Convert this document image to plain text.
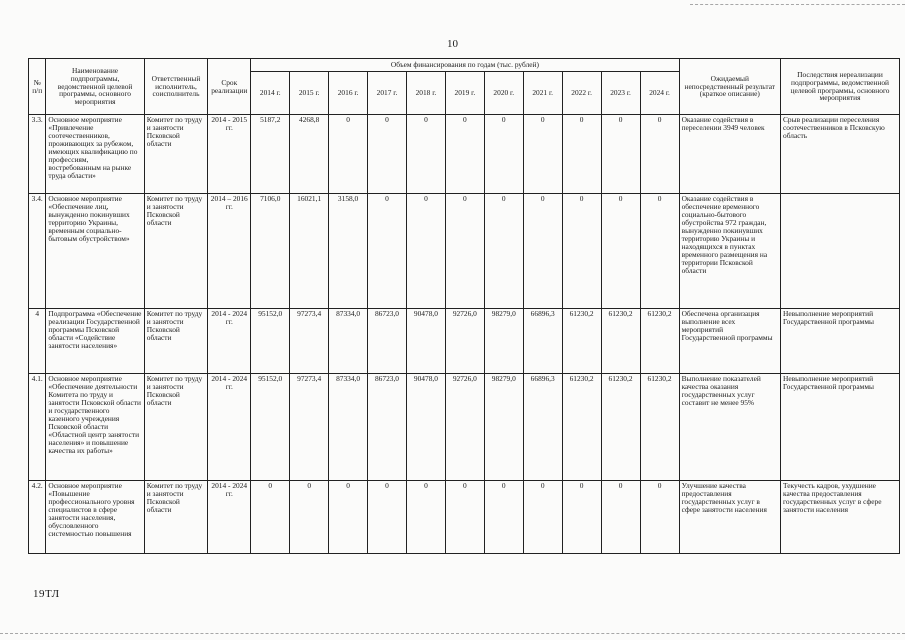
10
№ п/п	Наименование подпрограммы, ведомственной целевой программы, основного мероприятия	Ответственный исполнитель, соисполнитель	Срок реализации	Объем финансирования по годам (тыс. рублей)											Ожидаемый непосредственный результат (краткое описание)	Последствия нереализации подпрограммы, ведомственной целевой программы, основного мероприятия
				2014 г.	2015 г.	2016 г.	2017 г.	2018 г.	2019 г.	2020 г.	2021 г.	2022 г.	2023 г.	2024 г.		
3.3.	Основное мероприятие «Привлечение соотечественников, проживающих за рубежом, имеющих квалификацию по профессиям, востребованным на рынке труда области»	Комитет по труду и занятости Псковской области	2014 - 2015 гг.	5187,2	4268,8	0	0	0	0	0	0	0	0	0	Оказание содействия в переселении 3949 человек	Срыв реализации переселения соотечественников в Псковскую область
3.4.	Основное мероприятие «Обеспечение лиц, вынужденно покинувших территорию Украины, временным социально-бытовым обустройством»	Комитет по труду и занятости Псковской области	2014 – 2016 гг.	7106,0	16021,1	3158,0	0	0	0	0	0	0	0	0	Оказание содействия в обеспечение временного социально-бытового обустройства 972 граждан, вынужденно покинувших территорию Украины и находящихся в пунктах временного размещения на территории Псковской области	
4	Подпрограмма «Обеспечение реализации Государственной программы Псковской области «Содействие занятости населения»	Комитет по труду и занятости Псковской области	2014 - 2024 гг.	95152,0	97273,4	87334,0	86723,0	90478,0	92726,0	98279,0	66896,3	61230,2	61230,2	61230,2	Обеспечена организация выполнение всех мероприятий Государственной программы	Невыполнение мероприятий Государственной программы
4.1.	Основное мероприятие «Обеспечение деятельности Комитета по труду и занятости Псковской области и государственного казенного учреждения Псковской области «Областной центр занятости населения» и повышение качества их работы»	Комитет по труду и занятости Псковской области	2014 - 2024 гг.	95152,0	97273,4	87334,0	86723,0	90478,0	92726,0	98279,0	66896,3	61230,2	61230,2	61230,2	Выполнение показателей качества оказания государственных услуг составит не менее 95%	Невыполнение мероприятий Государственной программы
4.2.	Основное мероприятие «Повышение профессионального уровня специалистов в сфере занятости населения, обусловленного системностью повышения	Комитет по труду и занятости Псковской области	2014 - 2024 гг.	0	0	0	0	0	0	0	0	0	0	0	Улучшение качества предоставления государственных услуг в сфере занятости населения	Текучесть кадров, ухудшение качества предоставления государственных услуг в сфере занятости населения
19ТЛ
